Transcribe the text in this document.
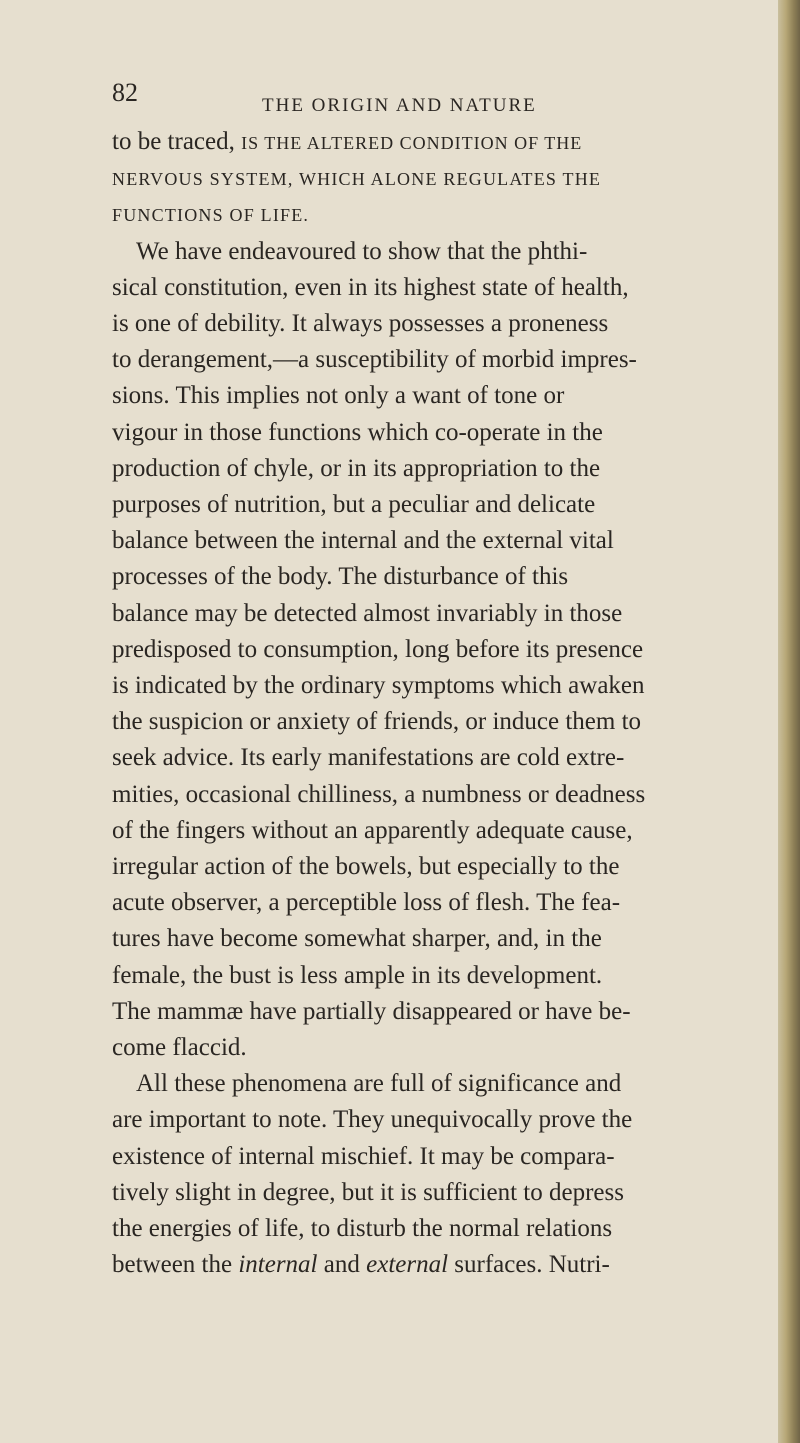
82	THE ORIGIN AND NATURE

to be traced, IS THE ALTERED CONDITION OF THE
NERVOUS SYSTEM, WHICH ALONE REGULATES THE
FUNCTIONS OF LIFE.

We have endeavoured to show that the phthi-
sical constitution, even in its highest state of health,
is one of debility. It always possesses a proneness
to derangement,—a susceptibility of morbid impres-
sions. This implies not only a want of tone or
vigour in those functions which co-operate in the
production of chyle, or in its appropriation to the
purposes of nutrition, but a peculiar and delicate
balance between the internal and the external vital
processes of the body. The disturbance of this
balance may be detected almost invariably in those
predisposed to consumption, long before its presence
is indicated by the ordinary symptoms which awaken
the suspicion or anxiety of friends, or induce them to
seek advice. Its early manifestations are cold extre-
mities, occasional chilliness, a numbness or deadness
of the fingers without an apparently adequate cause,
irregular action of the bowels, but especially to the
acute observer, a perceptible loss of flesh. The fea-
tures have become somewhat sharper, and, in the
female, the bust is less ample in its development.
The mammæ have partially disappeared or have be-
come flaccid.

All these phenomena are full of significance and
are important to note. They unequivocally prove the
existence of internal mischief. It may be compara-
tively slight in degree, but it is sufficient to depress
the energies of life, to disturb the normal relations
between the internal and external surfaces. Nutri-
